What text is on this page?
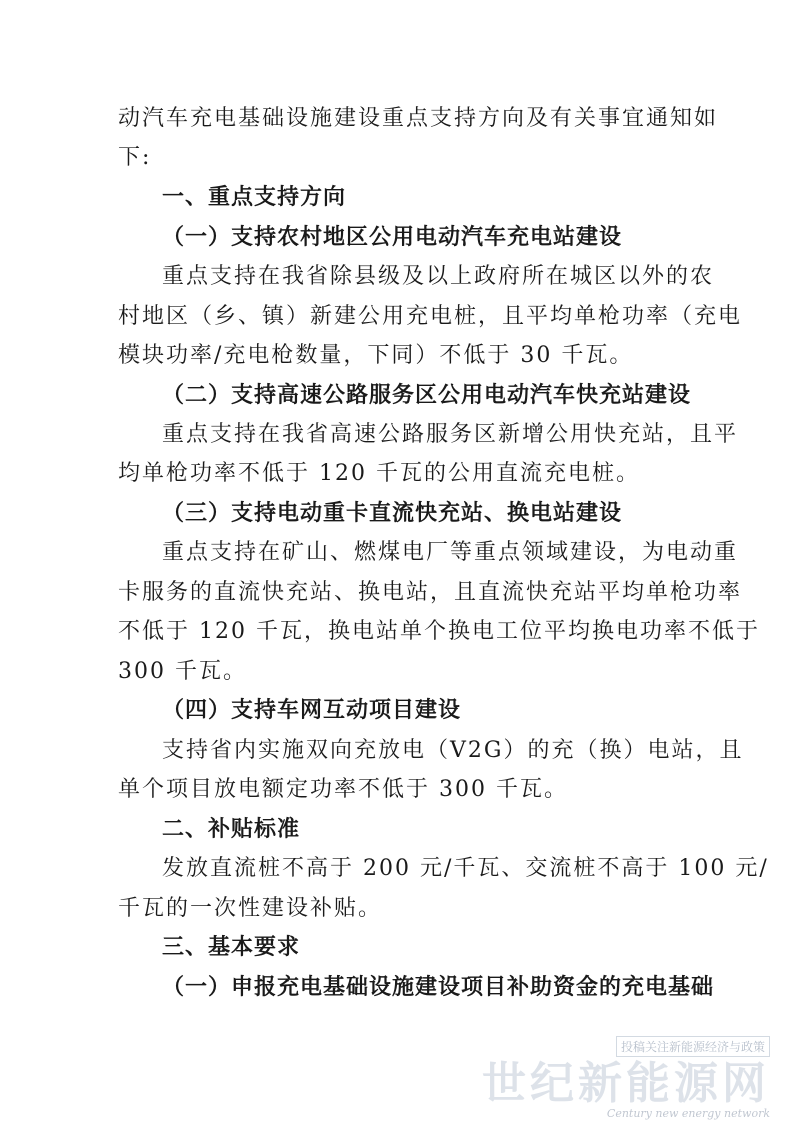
动汽车充电基础设施建设重点支持方向及有关事宜通知如
下:
一、重点支持方向
（一）支持农村地区公用电动汽车充电站建设
重点支持在我省除县级及以上政府所在城区以外的农
村地区（乡、镇）新建公用充电桩，且平均单枪功率（充电
模块功率/充电枪数量，下同）不低于 30 千瓦。
（二）支持高速公路服务区公用电动汽车快充站建设
重点支持在我省高速公路服务区新增公用快充站，且平
均单枪功率不低于 120 千瓦的公用直流充电桩。
（三）支持电动重卡直流快充站、换电站建设
重点支持在矿山、燃煤电厂等重点领域建设，为电动重
卡服务的直流快充站、换电站，且直流快充站平均单枪功率
不低于 120 千瓦，换电站单个换电工位平均换电功率不低于
300 千瓦。
（四）支持车网互动项目建设
支持省内实施双向充放电（V2G）的充（换）电站，且
单个项目放电额定功率不低于 300 千瓦。
二、补贴标准
发放直流桩不高于 200 元/千瓦、交流桩不高于 100 元/
千瓦的一次性建设补贴。
三、基本要求
（一）申报充电基础设施建设项目补助资金的充电基础
投稿关注新能源经济与政策
世纪新能源网
Century new energy network
